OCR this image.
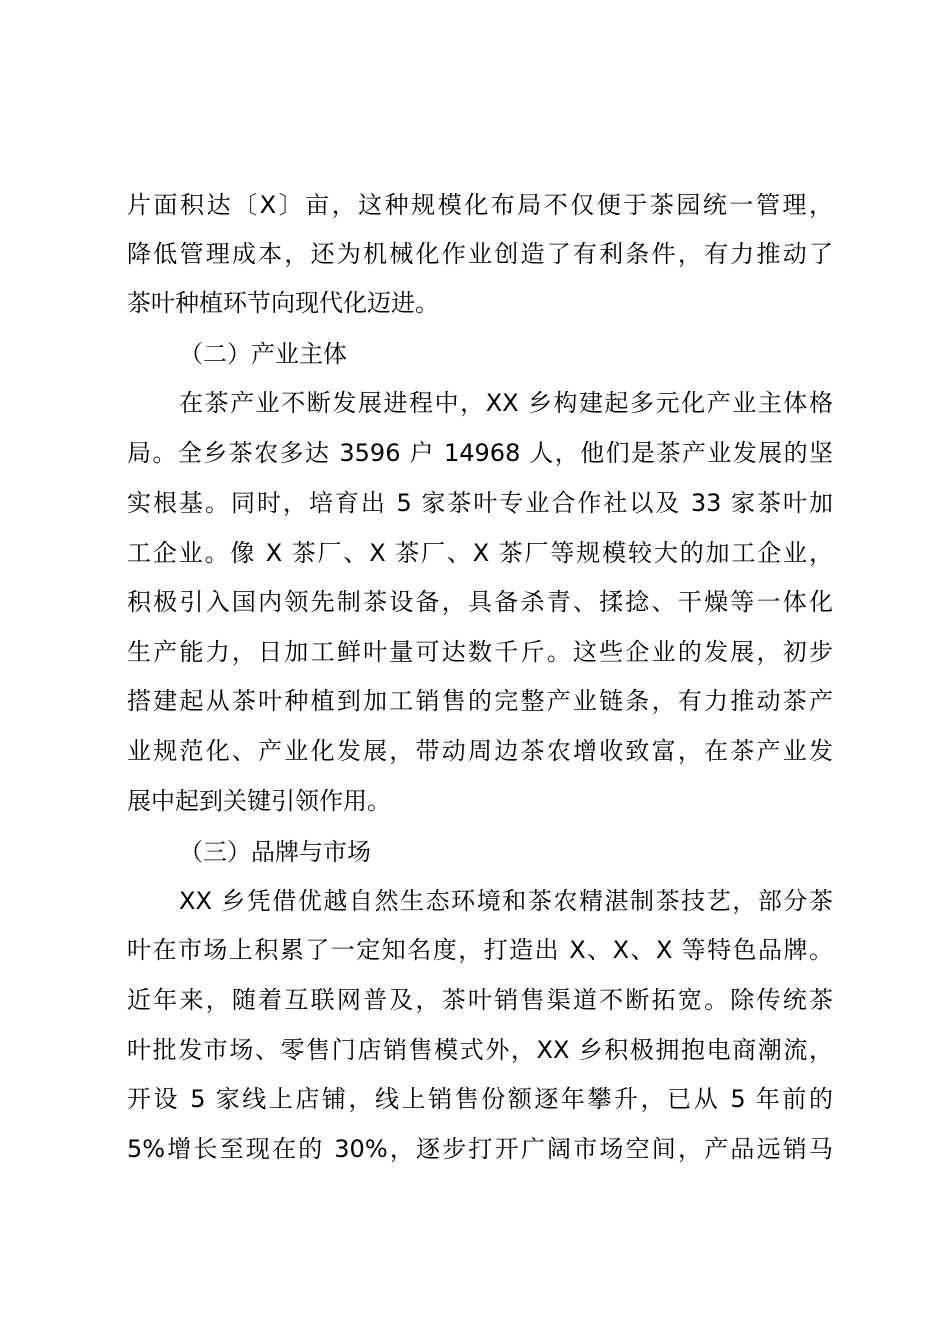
片面积达〔X〕亩，这种规模化布局不仅便于茶园统一管理，
降低管理成本，还为机械化作业创造了有利条件，有力推动了
茶叶种植环节向现代化迈进。
（二）产业主体
在茶产业不断发展进程中，XX 乡构建起多元化产业主体格
局。全乡茶农多达 3596 户 14968 人，他们是茶产业发展的坚
实根基。同时，培育出 5 家茶叶专业合作社以及 33 家茶叶加
工企业。像 X 茶厂、X 茶厂、X 茶厂等规模较大的加工企业，
积极引入国内领先制茶设备，具备杀青、揉捻、干燥等一体化
生产能力，日加工鲜叶量可达数千斤。这些企业的发展，初步
搭建起从茶叶种植到加工销售的完整产业链条，有力推动茶产
业规范化、产业化发展，带动周边茶农增收致富，在茶产业发
展中起到关键引领作用。
（三）品牌与市场
XX 乡凭借优越自然生态环境和茶农精湛制茶技艺，部分茶
叶在市场上积累了一定知名度，打造出 X、X、X 等特色品牌。
近年来，随着互联网普及，茶叶销售渠道不断拓宽。除传统茶
叶批发市场、零售门店销售模式外，XX 乡积极拥抱电商潮流，
开设 5 家线上店铺，线上销售份额逐年攀升，已从 5 年前的
5%增长至现在的 30%，逐步打开广阔市场空间，产品远销马
